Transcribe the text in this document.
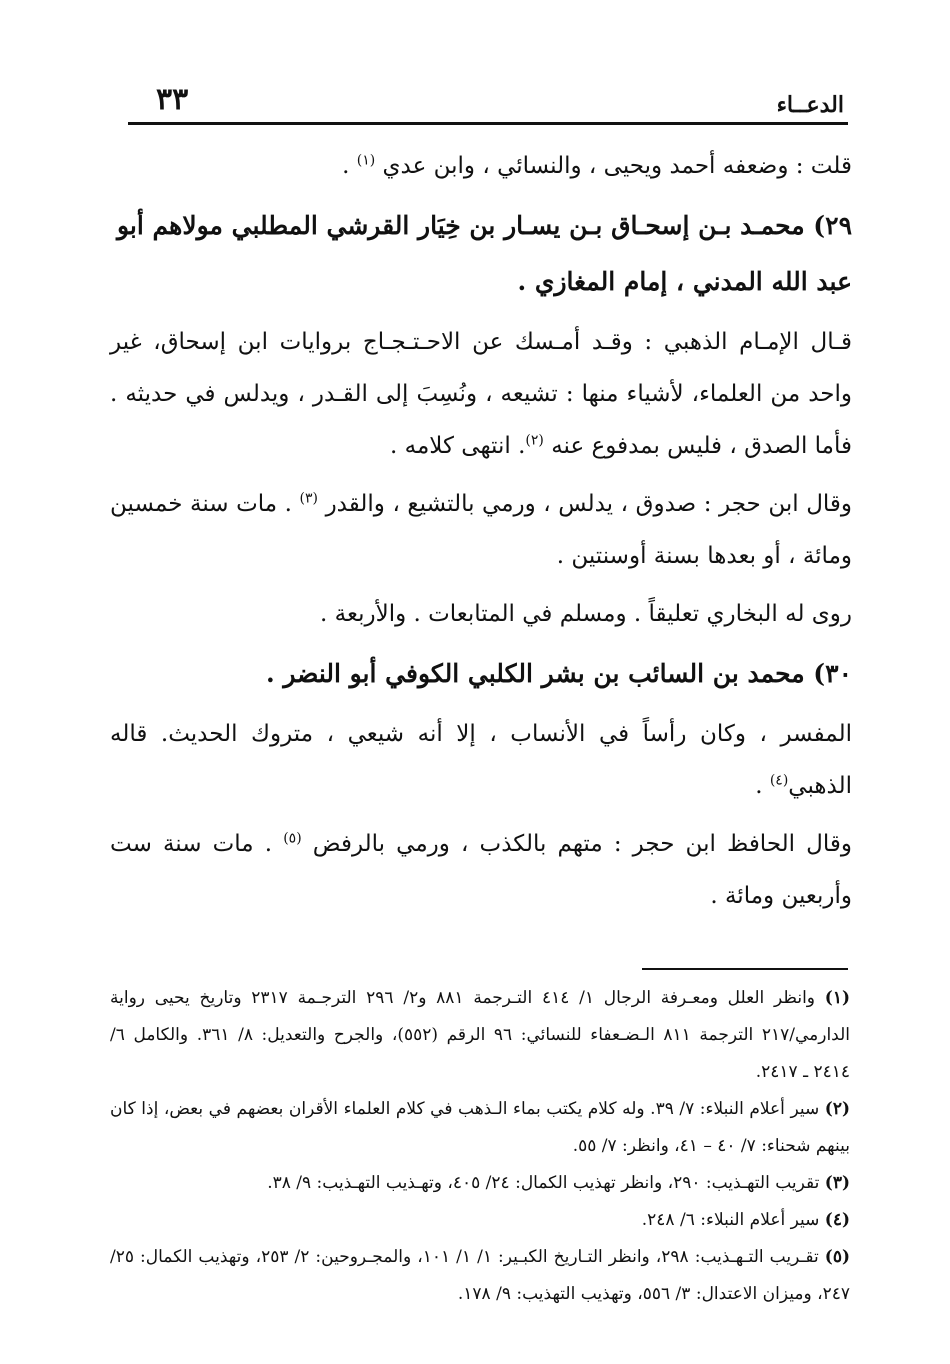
الدعــاء
٣٣

قلت : وضعفه أحمد ويحيى ، والنسائي ، وابن عدي $^{(١)}$ .

٢٩) محمـد بـن إسحـاق بـن يسـار بن خِيَار القرشي المطلبي مولاهم أبو عبد الله المدني ، إمام المغازي .

قـال الإمـام الذهبي : وقـد أمـسك عن الاحـتـجـاج بروايات ابن إسحاق، غير واحد من العلماء، لأشياء منها : تشيعه ، ونُسِبَ إلى القـدر ، ويدلس في حديثه . فأما الصدق ، فليس بمدفوع عنه $^{(٢)}$. انتهى كلامه .

وقال ابن حجر : صدوق ، يدلس ، ورمي بالتشيع ، والقدر $^{(٣)}$ . مات سنة خمسين ومائة ، أو بعدها بسنة أوسنتين .

روى له البخاري تعليقاً . ومسلم في المتابعات . والأربعة .

٣٠) محمد بن السائب بن بشر الكلبي الكوفي أبو النضر .

المفسر ، وكان رأساً في الأنساب ، إلا أنه شيعي ، متروك الحديث. قاله الذهبي$^{(٤)}$ .

وقال الحافظ ابن حجر : متهم بالكذب ، ورمي بالرفض $^{(٥)}$ . مات سنة ست وأربعين ومائة .

(١) وانظر العلل ومعـرفة الرجال ١/ ٤١٤ التـرجمة ٨٨١ و٢/ ٢٩٦ الترجـمة ٢٣١٧ وتاريخ يحيى رواية الدارمي/٢١٧ الترجمة ٨١١ الـضـعفاء للنسائي: ٩٦ الرقم (٥٥٢)، والجرح والتعديل: ٨/ ٣٦١. والكامل ٦/ ٢٤١٤ ـ ٢٤١٧.

(٢) سير أعلام النبلاء: ٧/ ٣٩. وله كلام يكتب بماء الـذهب في كلام العلماء الأقران بعضهم في بعض، إذا كان بينهم شحناء: ٧/ ٤٠ – ٤١، وانظر: ٧/ ٥٥.

(٣) تقريب التهـذيب: ٢٩٠، وانظر تهذيب الكمال: ٢٤/ ٤٠٥، وتهـذيب التهـذيب: ٩/ ٣٨.

(٤) سير أعلام النبلاء: ٦/ ٢٤٨.

(٥) تقـريب التـهـذيب: ٢٩٨، وانظر التـاريخ الكبـير: ١/ ١/ ١٠١، والمجـروحين: ٢/ ٢٥٣، وتهذيب الكمال: ٢٥/ ٢٤٧، وميزان الاعتدال: ٣/ ٥٥٦، وتهذيب التهذيب: ٩/ ١٧٨.
